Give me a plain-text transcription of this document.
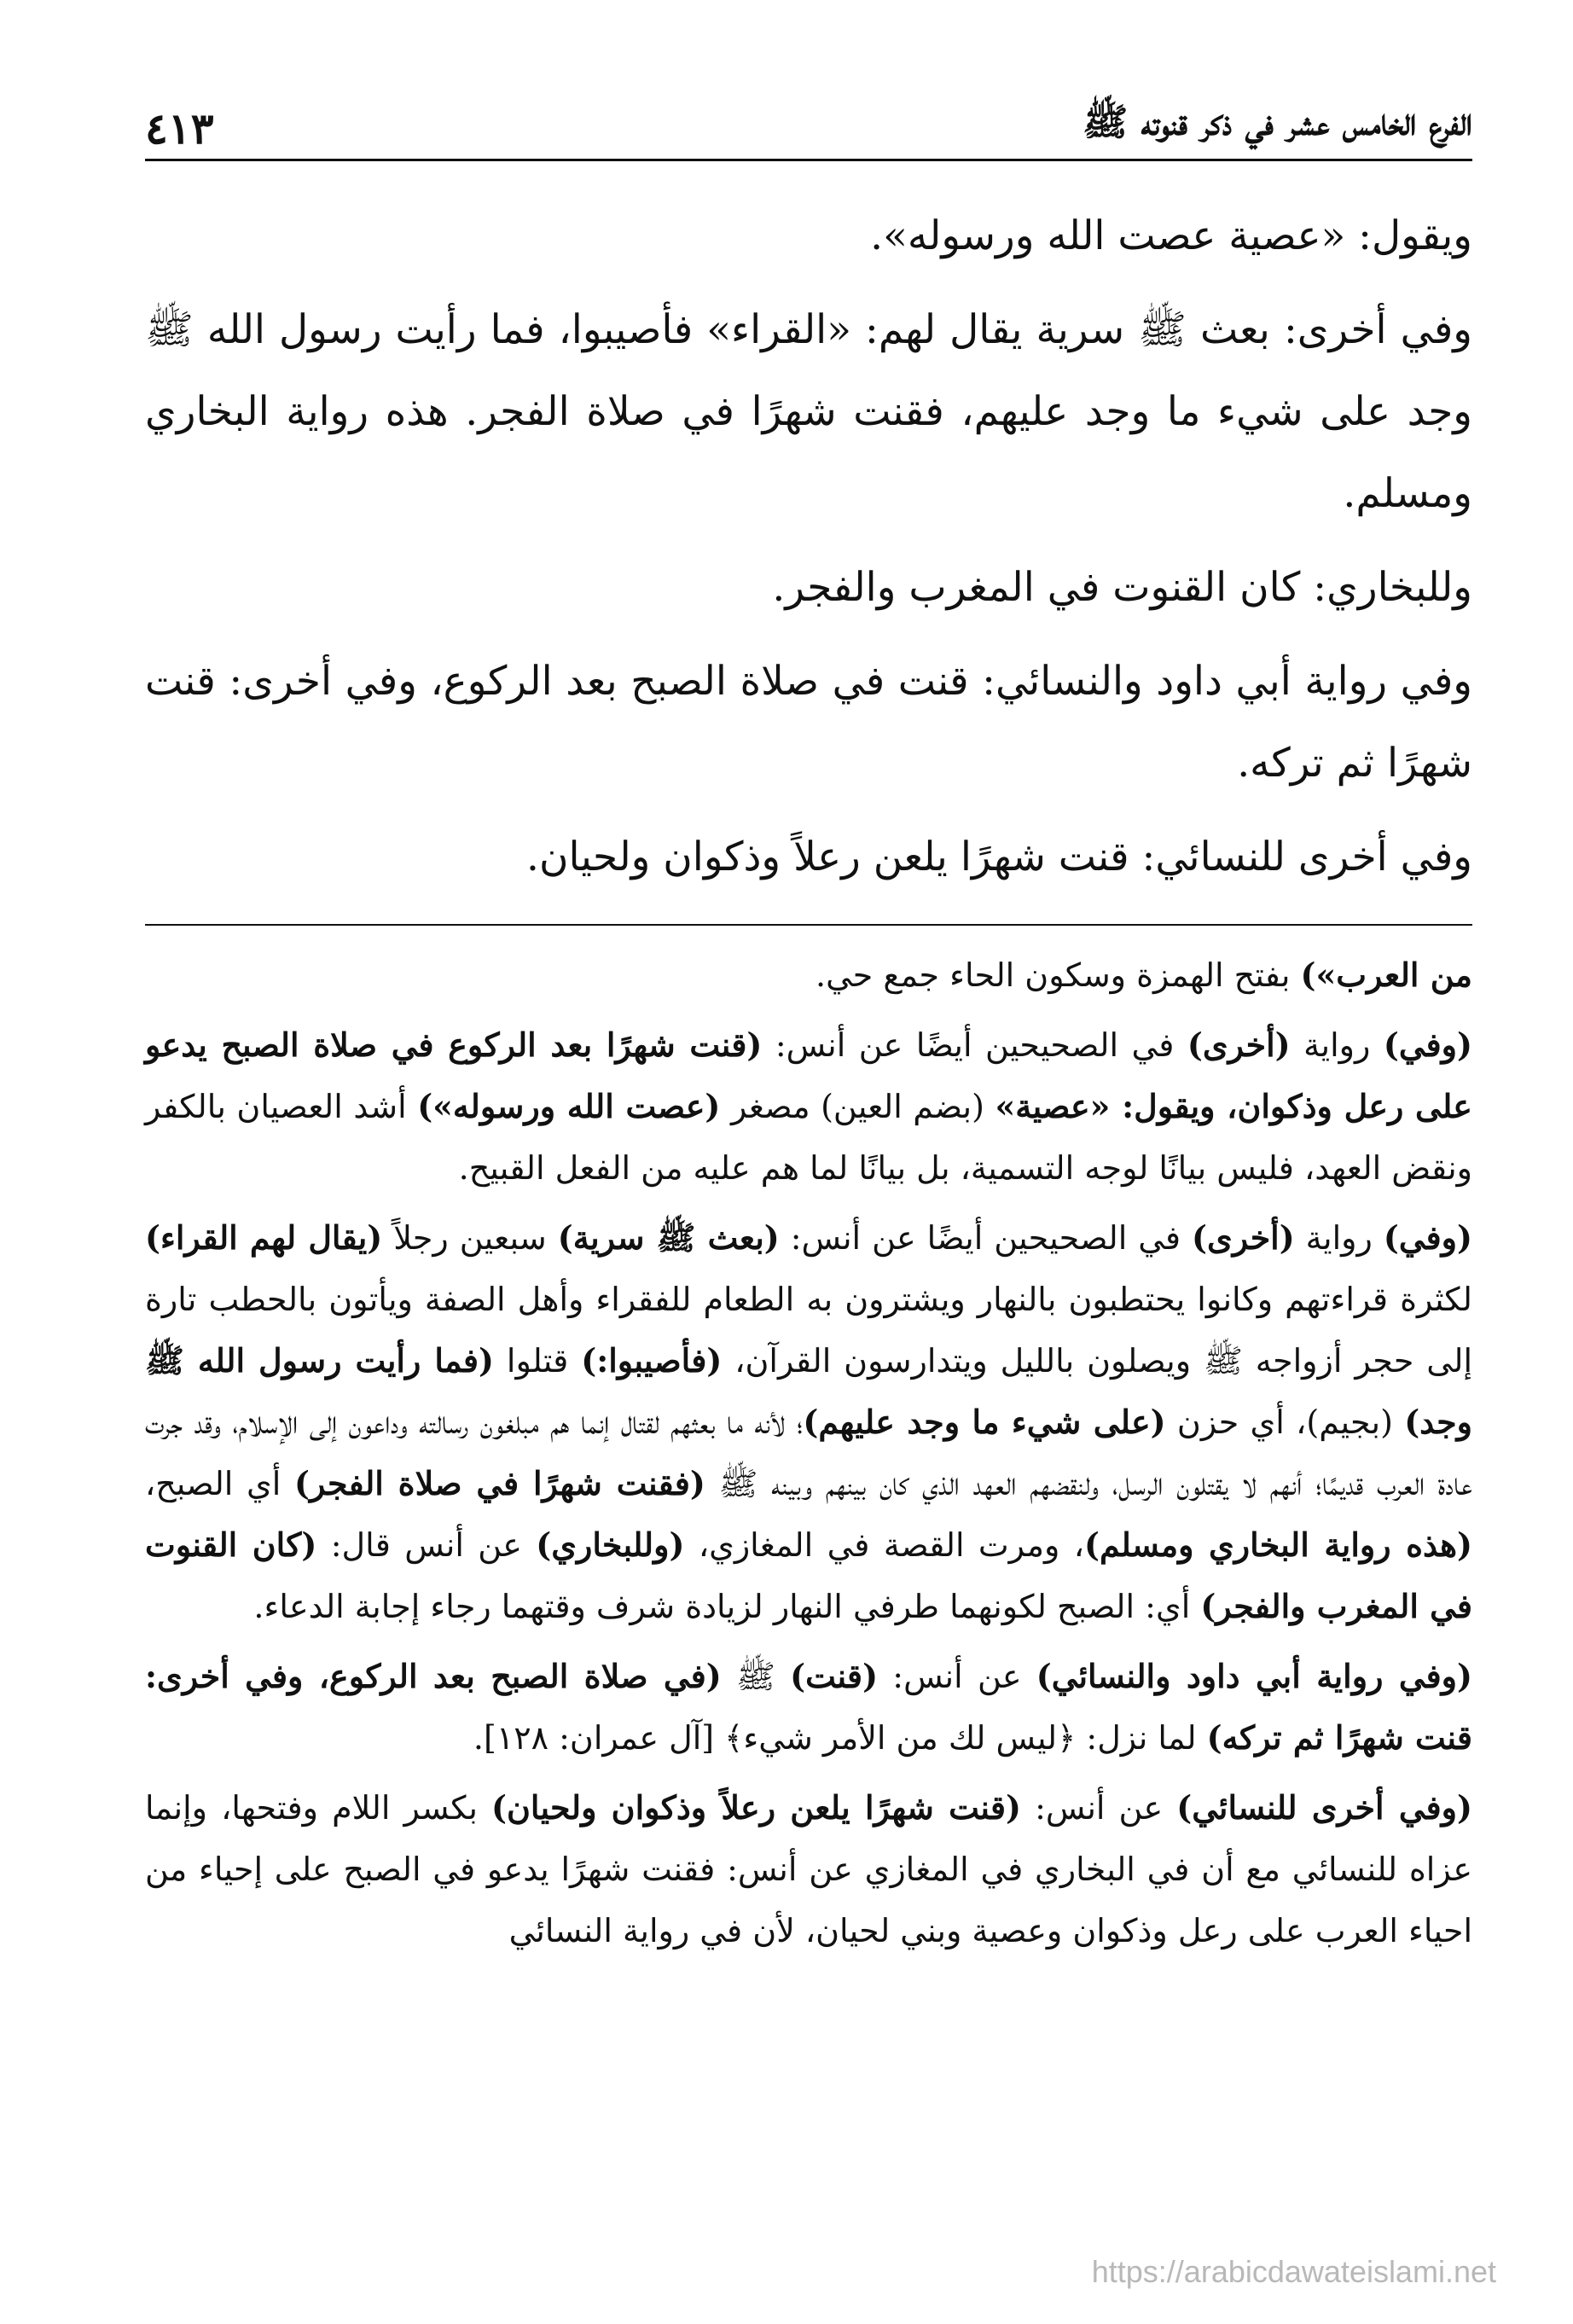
الفرع الخامس عشر في ذكر قنوته ﷺ
٤١٣

ويقول: «عصية عصت الله ورسوله».

وفي أخرى: بعث ﷺ سرية يقال لهم: «القراء» فأصيبوا، فما رأيت رسول الله ﷺ وجد على شيء ما وجد عليهم، فقنت شهرًا في صلاة الفجر. هذه رواية البخاري ومسلم.

وللبخاري: كان القنوت في المغرب والفجر.

وفي رواية أبي داود والنسائي: قنت في صلاة الصبح بعد الركوع، وفي أخرى: قنت شهرًا ثم تركه.

وفي أخرى للنسائي: قنت شهرًا يلعن رعلاً وذكوان ولحيان.

من العرب») بفتح الهمزة وسكون الحاء جمع حي.

(وفي) رواية (أخرى) في الصحيحين أيضًا عن أنس: (قنت شهرًا بعد الركوع في صلاة الصبح يدعو على رعل وذكوان، ويقول: «عصية» (بضم العين) مصغر (عصت الله ورسوله») أشد العصيان بالكفر ونقض العهد، فليس بيانًا لوجه التسمية، بل بيانًا لما هم عليه من الفعل القبيح.

(وفي) رواية (أخرى) في الصحيحين أيضًا عن أنس: (بعث ﷺ سرية) سبعين رجلاً (يقال لهم القراء) لكثرة قراءتهم وكانوا يحتطبون بالنهار ويشترون به الطعام للفقراء وأهل الصفة ويأتون بالحطب تارة إلى حجر أزواجه ﷺ ويصلون بالليل ويتدارسون القرآن، (فأصيبوا:) قتلوا (فما رأيت رسول الله ﷺ وجد) (بجيم)، أي حزن (على شيء ما وجد عليهم)؛ لأنه ما بعثهم لقتال إنما هم مبلغون رسالته وداعون إلى الإسلام، وقد جرت عادة العرب قديمًا؛ أنهم لا يقتلون الرسل، ولنقضهم العهد الذي كان بينهم وبينه ﷺ (فقنت شهرًا في صلاة الفجر) أي الصبح، (هذه رواية البخاري ومسلم)، ومرت القصة في المغازي، (وللبخاري) عن أنس قال: (كان القنوت في المغرب والفجر) أي: الصبح لكونهما طرفي النهار لزيادة شرف وقتهما رجاء إجابة الدعاء.

(وفي رواية أبي داود والنسائي) عن أنس: (قنت) ﷺ (في صلاة الصبح بعد الركوع، وفي أخرى: قنت شهرًا ثم تركه) لما نزل: ﴿ليس لك من الأمر شيء﴾ [آل عمران: ١٢٨].

(وفي أخرى للنسائي) عن أنس: (قنت شهرًا يلعن رعلاً وذكوان ولحيان) بكسر اللام وفتحها، وإنما عزاه للنسائي مع أن في البخاري في المغازي عن أنس: فقنت شهرًا يدعو في الصبح على إحياء من احياء العرب على رعل وذكوان وعصية وبني لحيان، لأن في رواية النسائي

https://arabicdawateislami.net
